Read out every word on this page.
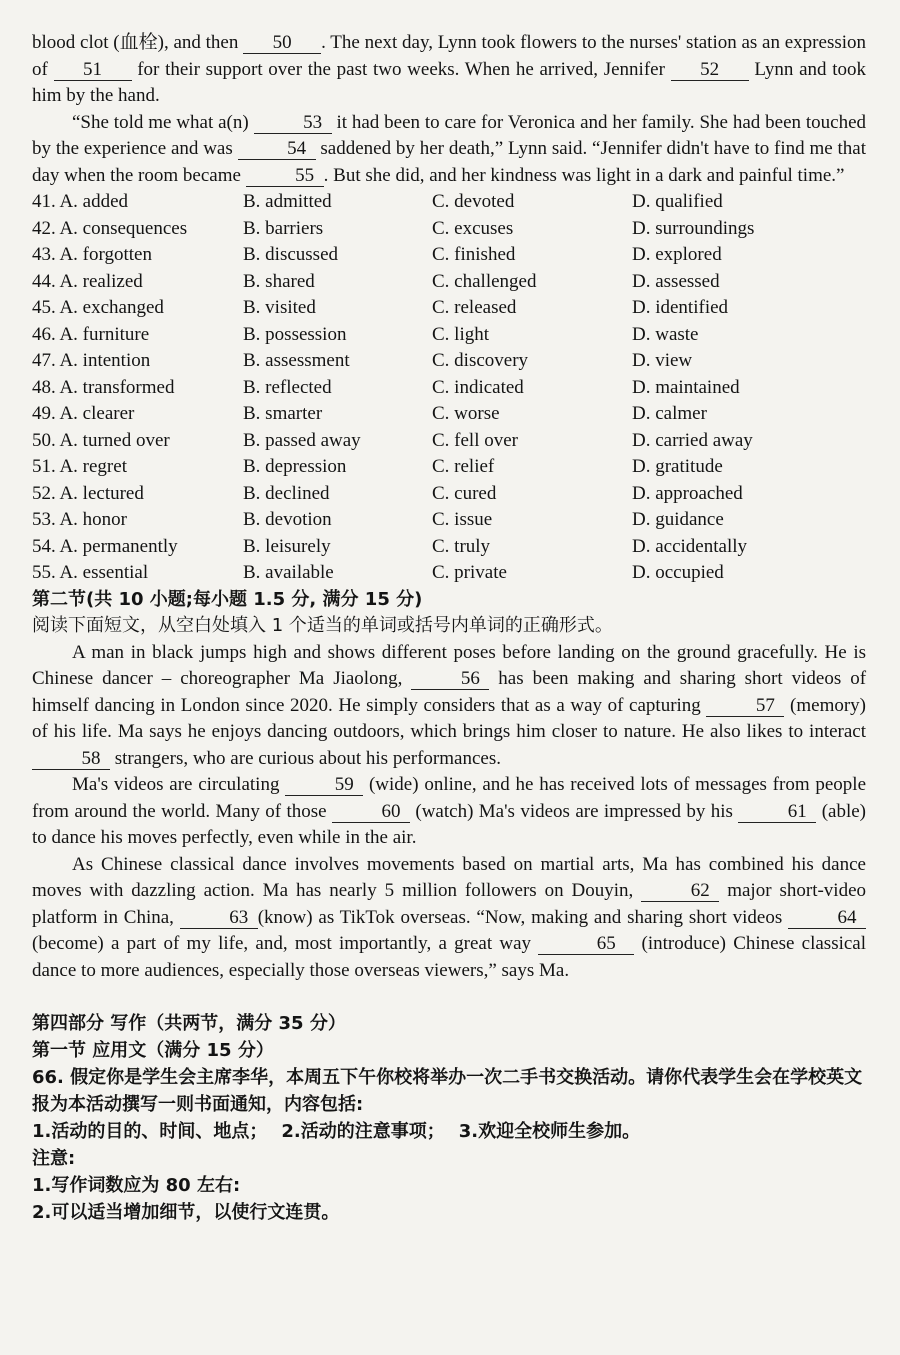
blood clot (血栓), and then 50 . The next day, Lynn took flowers to the nurses' station as an expression of 51 for their support over the past two weeks. When he arrived, Jennifer 52 Lynn and took him by the hand.

“She told me what a(n)	53 it had been to care for Veronica and her family. She had been touched by the experience and was	54 saddened by her death,” Lynn said. “Jennifer didn't have to find me that day when the room became	55 . But she did, and her kindness was light in a dark and painful time.”

41. A. added	B. admitted	C. devoted	D. qualified
42. A. consequences	B. barriers	C. excuses	D. surroundings
43. A. forgotten	B. discussed	C. finished	D. explored
44. A. realized	B. shared	C. challenged	D. assessed
45. A. exchanged	B. visited	C. released	D. identified
46. A. furniture	B. possession	C. light	D. waste
47. A. intention	B. assessment	C. discovery	D. view
48. A. transformed	B. reflected	C. indicated	D. maintained
49. A. clearer	B. smarter	C. worse	D. calmer
50. A. turned over	B. passed away	C. fell over	D. carried away
51. A. regret	B. depression	C. relief	D. gratitude
52. A. lectured	B. declined	C. cured	D. approached
53. A. honor	B. devotion	C. issue	D. guidance
54. A. permanently	B. leisurely	C. truly	D. accidentally
55. A. essential	B. available	C. private	D. occupied

第二节(共 10 小题;每小题 1.5 分, 满分 15 分)

阅读下面短文，从空白处填入 1 个适当的单词或括号内单词的正确形式。

A man in black jumps high and shows different poses before landing on the ground gracefully. He is Chinese dancer – choreographer Ma Jiaolong,	56 has been making and sharing short videos of himself dancing in London since 2020. He simply considers that as a way of capturing	57 (memory) of his life. Ma says he enjoys dancing outdoors, which brings him closer to nature. He also likes to interact 58 strangers, who are curious about his performances.

Ma's videos are circulating	59 (wide) online, and he has received lots of messages from people from around the world. Many of those	60 (watch) Ma's videos are impressed by his	61 (able) to dance his moves perfectly, even while in the air.

As Chinese classical dance involves movements based on martial arts, Ma has combined his dance moves with dazzling action. Ma has nearly 5 million followers on Douyin,	62 major short-video platform in China,	63 (know) as TikTok overseas. “Now, making and sharing short videos	64 (become) a part of my life, and, most importantly, a great way	65 (introduce) Chinese classical dance to more audiences, especially those overseas viewers,” says Ma.

第四部分 写作（共两节，满分 35 分）

第一节 应用文（满分 15 分）

66. 假定你是学生会主席李华，本周五下午你校将举办一次二手书交换活动。请你代表学生会在学校英文报为本活动撰写一则书面通知，内容包括:

1.活动的目的、时间、地点； 2.活动的注意事项； 3.欢迎全校师生参加。

注意:

1.写作词数应为 80 左右:

2.可以适当增加细节，以使行文连贯。
